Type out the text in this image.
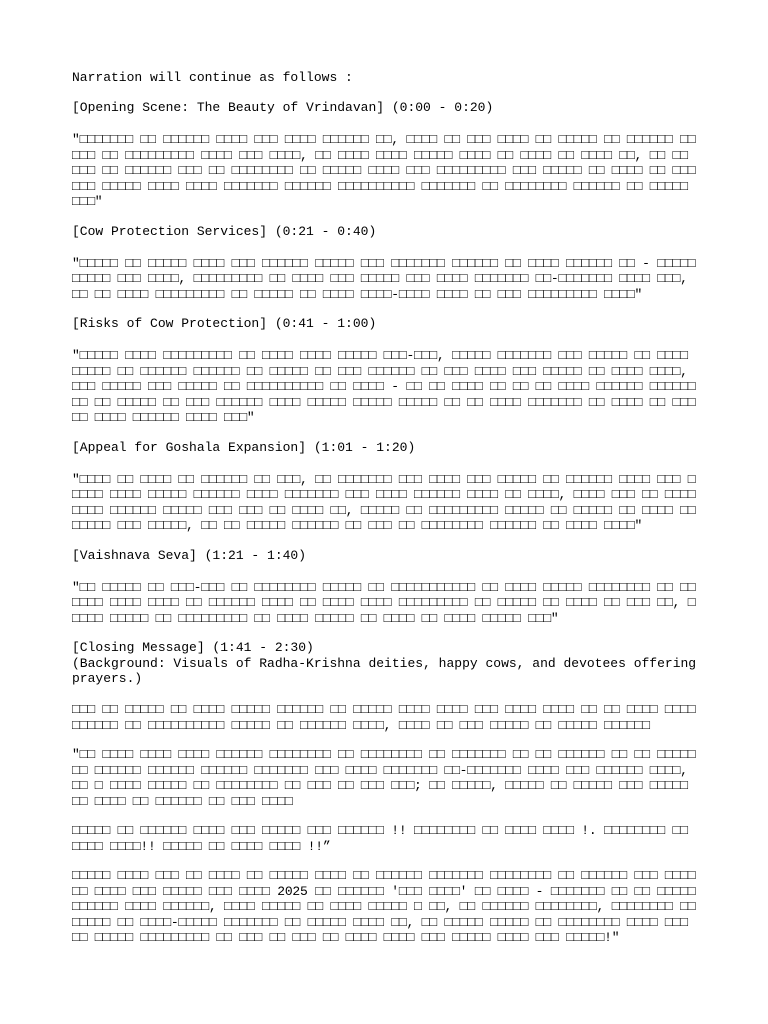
Narration will continue as follows :
[Opening Scene: The Beauty of Vrindavan] (0:00 - 0:20)
"□□□□□□□ □□ □□□□□□ □□□□ □□□ □□□□ □□□□□□ □□, □□□□ □□ □□□ □□□□ □□ □□□□□ □□ □□□□□□ □□□□□ □□ □□□□□□□□□ □□□□ □□□ □□□□, □□ □□□□ □□□□ □□□□□ □□□□ □□ □□□□ □□ □□□□ □□, □□ □□ □□□ □□ □□□□□□ □□□ □□ □□□□□□□□ □□ □□□□□ □□□□ □□□ □□□□□□□□□ □□□ □□□□□ □□ □□□□ □□ □□□ □□□ □□□□□ □□□□ □□□□ □□□□□□□ □□□□□□ □□□□□□□□□□ □□□□□□□ □□ □□□□□□□□ □□□□□□ □□ □□□□□ □□□"
[Cow Protection Services] (0:21 - 0:40)
"□□□□□ □□ □□□□□ □□□□ □□□ □□□□□□ □□□□□ □□□ □□□□□□□ □□□□□□ □□ □□□□ □□□□□□ □□ - □□□□□□□□□□ □□□ □□□□, □□□□□□□□□ □□ □□□□ □□□ □□□□□ □□□ □□□□ □□□□□□□ □□-□□□□□□□ □□□□ □□□, □□ □□ □□□□ □□□□□□□□□ □□ □□□□□ □□ □□□□ □□□□-□□□□ □□□□ □□ □□□ □□□□□□□□□ □□□□"
[Risks of Cow Protection] (0:41 - 1:00)
"□□□□□ □□□□ □□□□□□□□□ □□ □□□□ □□□□ □□□□□ □□□-□□□, □□□□□ □□□□□□□ □□□ □□□□□ □□ □□□□ □□□□□ □□ □□□□□□ □□□□□□ □□ □□□□□ □□ □□□ □□□□□□ □□ □□□ □□□□ □□□ □□□□□ □□ □□□□ □□□□, □□□ □□□□□ □□□ □□□□□ □□ □□□□□□□□□□ □□ □□□□ - □□ □□ □□□□ □□ □□ □□ □□□□ □□□□□□ □□□□□□□□ □□ □□□□□ □□ □□□ □□□□□□ □□□□ □□□□□ □□□□□ □□□□□ □□ □□ □□□□ □□□□□□□ □□ □□□□ □□ □□□ □□ □□□□ □□□□□□ □□□□ □□□"
[Appeal for Goshala Expansion] (1:01 - 1:20)
"□□□□ □□ □□□□ □□ □□□□□□ □□ □□□, □□ □□□□□□□ □□□ □□□□ □□□ □□□□□ □□ □□□□□□ □□□□ □□□ □□□□□ □□□□ □□□□□ □□□□□□ □□□□ □□□□□□□ □□□ □□□□ □□□□□□ □□□□ □□ □□□□, □□□□ □□□ □□ □□□□□□□□ □□□□□□ □□□□□ □□□ □□□ □□ □□□□ □□, □□□□□ □□ □□□□□□□□□ □□□□□ □□ □□□□□ □□ □□□□ □□ □□□□□ □□□ □□□□□, □□ □□ □□□□□ □□□□□□ □□ □□□ □□ □□□□□□□□ □□□□□□ □□ □□□□ □□□□"
[Vaishnava Seva] (1:21 - 1:40)
"□□ □□□□□ □□ □□□-□□□ □□ □□□□□□□□ □□□□□ □□ □□□□□□□□□□□ □□ □□□□ □□□□□ □□□□□□□□ □□ □□ □□□□ □□□□ □□□□ □□ □□□□□□ □□□□ □□ □□□□ □□□□ □□□□□□□□□ □□ □□□□□ □□ □□□□ □□ □□□ □□, □□□□□ □□□□□ □□ □□□□□□□□□ □□ □□□□ □□□□□ □□ □□□□ □□ □□□□ □□□□□ □□□"
[Closing Message] (1:41 - 2:30)
(Background: Visuals of Radha-Krishna deities, happy cows, and devotees offering prayers.)
□□□ □□ □□□□□ □□ □□□□ □□□□□ □□□□□□ □□ □□□□□ □□□□ □□□□ □□□ □□□□ □□□□ □□ □□ □□□□ □□□□□□□□□□ □□ □□□□□□□□□□ □□□□□ □□ □□□□□□ □□□□, □□□□ □□ □□□ □□□□□ □□ □□□□□ □□□□□□
"□□ □□□□ □□□□ □□□□ □□□□□□ □□□□□□□□ □□ □□□□□□□□ □□ □□□□□□□ □□ □□ □□□□□□ □□ □□ □□□□□□□ □□□□□□ □□□□□□ □□□□□□ □□□□□□□ □□□ □□□□ □□□□□□□ □□-□□□□□□□ □□□□ □□□ □□□□□□ □□□□, □□ □ □□□□ □□□□□ □□ □□□□□□□□ □□ □□□ □□ □□□ □□□; □□ □□□□□, □□□□□ □□ □□□□□ □□□ □□□□□ □□ □□□□ □□ □□□□□□ □□ □□□ □□□□
□□□□□ □□ □□□□□□ □□□□ □□□ □□□□□ □□□ □□□□□□ !! □□□□□□□□ □□ □□□□ □□□□ !. □□□□□□□□ □□ □□□□ □□□□!! □□□□□ □□ □□□□ □□□□ !!”
□□□□□ □□□□ □□□ □□ □□□□ □□ □□□□□ □□□□ □□ □□□□□□ □□□□□□□ □□□□□□□□ □□ □□□□□□ □□□ □□□□□□ □□□□ □□□ □□□□□ □□□ □□□□ 2025 □□ □□□□□□ '□□□ □□□□' □□ □□□□ - □□□□□□□ □□ □□ □□□□□ □□□□□□ □□□□ □□□□□□, □□□□ □□□□□ □□ □□□□ □□□□□ □ □□, □□ □□□□□□ □□□□□□□□, □□□□□□□□ □□ □□□□□ □□ □□□□-□□□□□ □□□□□□□ □□ □□□□□ □□□□ □□, □□ □□□□□ □□□□□ □□ □□□□□□□□ □□□□ □□□ □□ □□□□□ □□□□□□□□□ □□ □□□ □□ □□□ □□ □□□□ □□□□ □□□ □□□□□ □□□□ □□□ □□□□□!"
